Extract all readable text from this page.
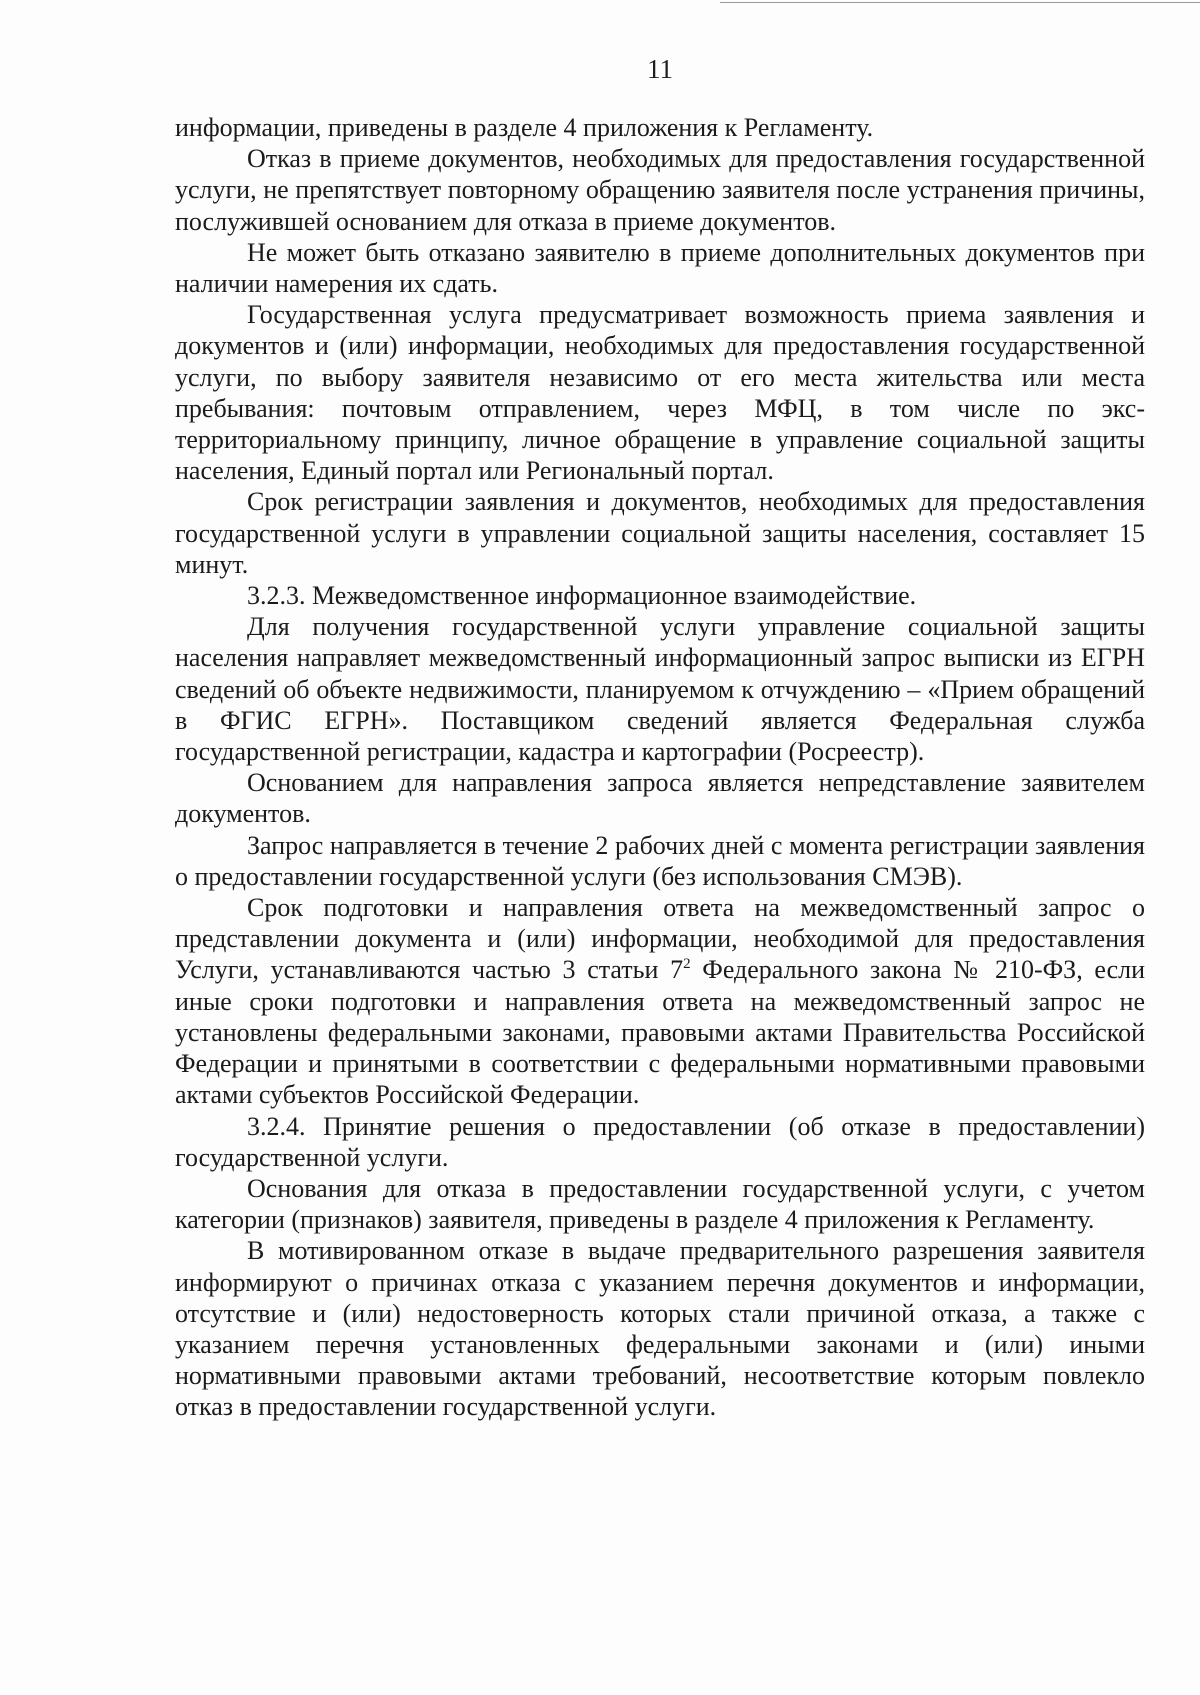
11

информации, приведены в разделе 4 приложения к Регламенту.

Отказ в приеме документов, необходимых для предоставления государственной услуги, не препятствует повторному обращению заявителя после устранения причины, послужившей основанием для отказа в приеме документов.

Не может быть отказано заявителю в приеме дополнительных документов при наличии намерения их сдать.

Государственная услуга предусматривает возможность приема заявления и документов и (или) информации, необходимых для предоставления государственной услуги, по выбору заявителя независимо от его места жительства или места пребывания: почтовым отправлением, через МФЦ, в том числе по экстерриториальному принципу, личное обращение в управление социальной защиты населения, Единый портал или Региональный портал.

Срок регистрации заявления и документов, необходимых для предоставления государственной услуги в управлении социальной защиты населения, составляет 15 минут.

3.2.3. Межведомственное информационное взаимодействие.

Для получения государственной услуги управление социальной защиты населения направляет межведомственный информационный запрос выписки из ЕГРН сведений об объекте недвижимости, планируемом к отчуждению – «Прием обращений в ФГИС ЕГРН». Поставщиком сведений является Федеральная служба государственной регистрации, кадастра и картографии (Росреестр).

Основанием для направления запроса является непредставление заявителем документов.

Запрос направляется в течение 2 рабочих дней с момента регистрации заявления о предоставлении государственной услуги (без использования СМЭВ).

Срок подготовки и направления ответа на межведомственный запрос о представлении документа и (или) информации, необходимой для предоставления Услуги, устанавливаются частью 3 статьи $7^2$ Федерального закона № 210-ФЗ, если иные сроки подготовки и направления ответа на межведомственный запрос не установлены федеральными законами, правовыми актами Правительства Российской Федерации и принятыми в соответствии с федеральными нормативными правовыми актами субъектов Российской Федерации.

3.2.4. Принятие решения о предоставлении (об отказе в предоставлении) государственной услуги.

Основания для отказа в предоставлении государственной услуги, с учетом категории (признаков) заявителя, приведены в разделе 4 приложения к Регламенту.

В мотивированном отказе в выдаче предварительного разрешения заявителя информируют о причинах отказа с указанием перечня документов и информации, отсутствие и (или) недостоверность которых стали причиной отказа, а также с указанием перечня установленных федеральными законами и (или) иными нормативными правовыми актами требований, несоответствие которым повлекло отказ в предоставлении государственной услуги.
